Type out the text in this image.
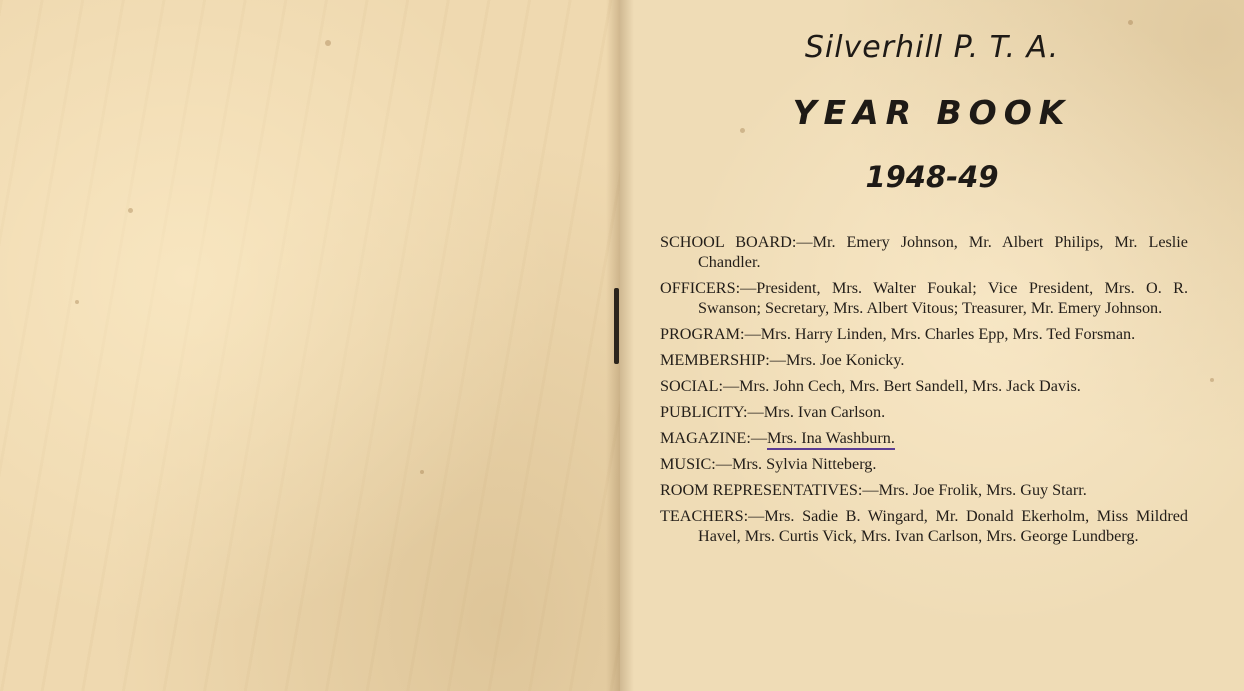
Silverhill P. T. A.
YEAR BOOK
1948-49

SCHOOL BOARD:—Mr. Emery Johnson, Mr. Albert Philips, Mr. Leslie Chandler.

OFFICERS:—President, Mrs. Walter Foukal; Vice President, Mrs. O. R. Swanson; Secretary, Mrs. Albert Vitous; Treasurer, Mr. Emery Johnson.

PROGRAM:—Mrs. Harry Linden, Mrs. Charles Epp, Mrs. Ted Forsman.

MEMBERSHIP:—Mrs. Joe Konicky.

SOCIAL:—Mrs. John Cech, Mrs. Bert Sandell, Mrs. Jack Davis.

PUBLICITY:—Mrs. Ivan Carlson.

MAGAZINE:—Mrs. Ina Washburn.

MUSIC:—Mrs. Sylvia Nitteberg.

ROOM REPRESENTATIVES:—Mrs. Joe Frolik, Mrs. Guy Starr.

TEACHERS:—Mrs. Sadie B. Wingard, Mr. Donald Ekerholm, Miss Mildred Havel, Mrs. Curtis Vick, Mrs. Ivan Carlson, Mrs. George Lundberg.
